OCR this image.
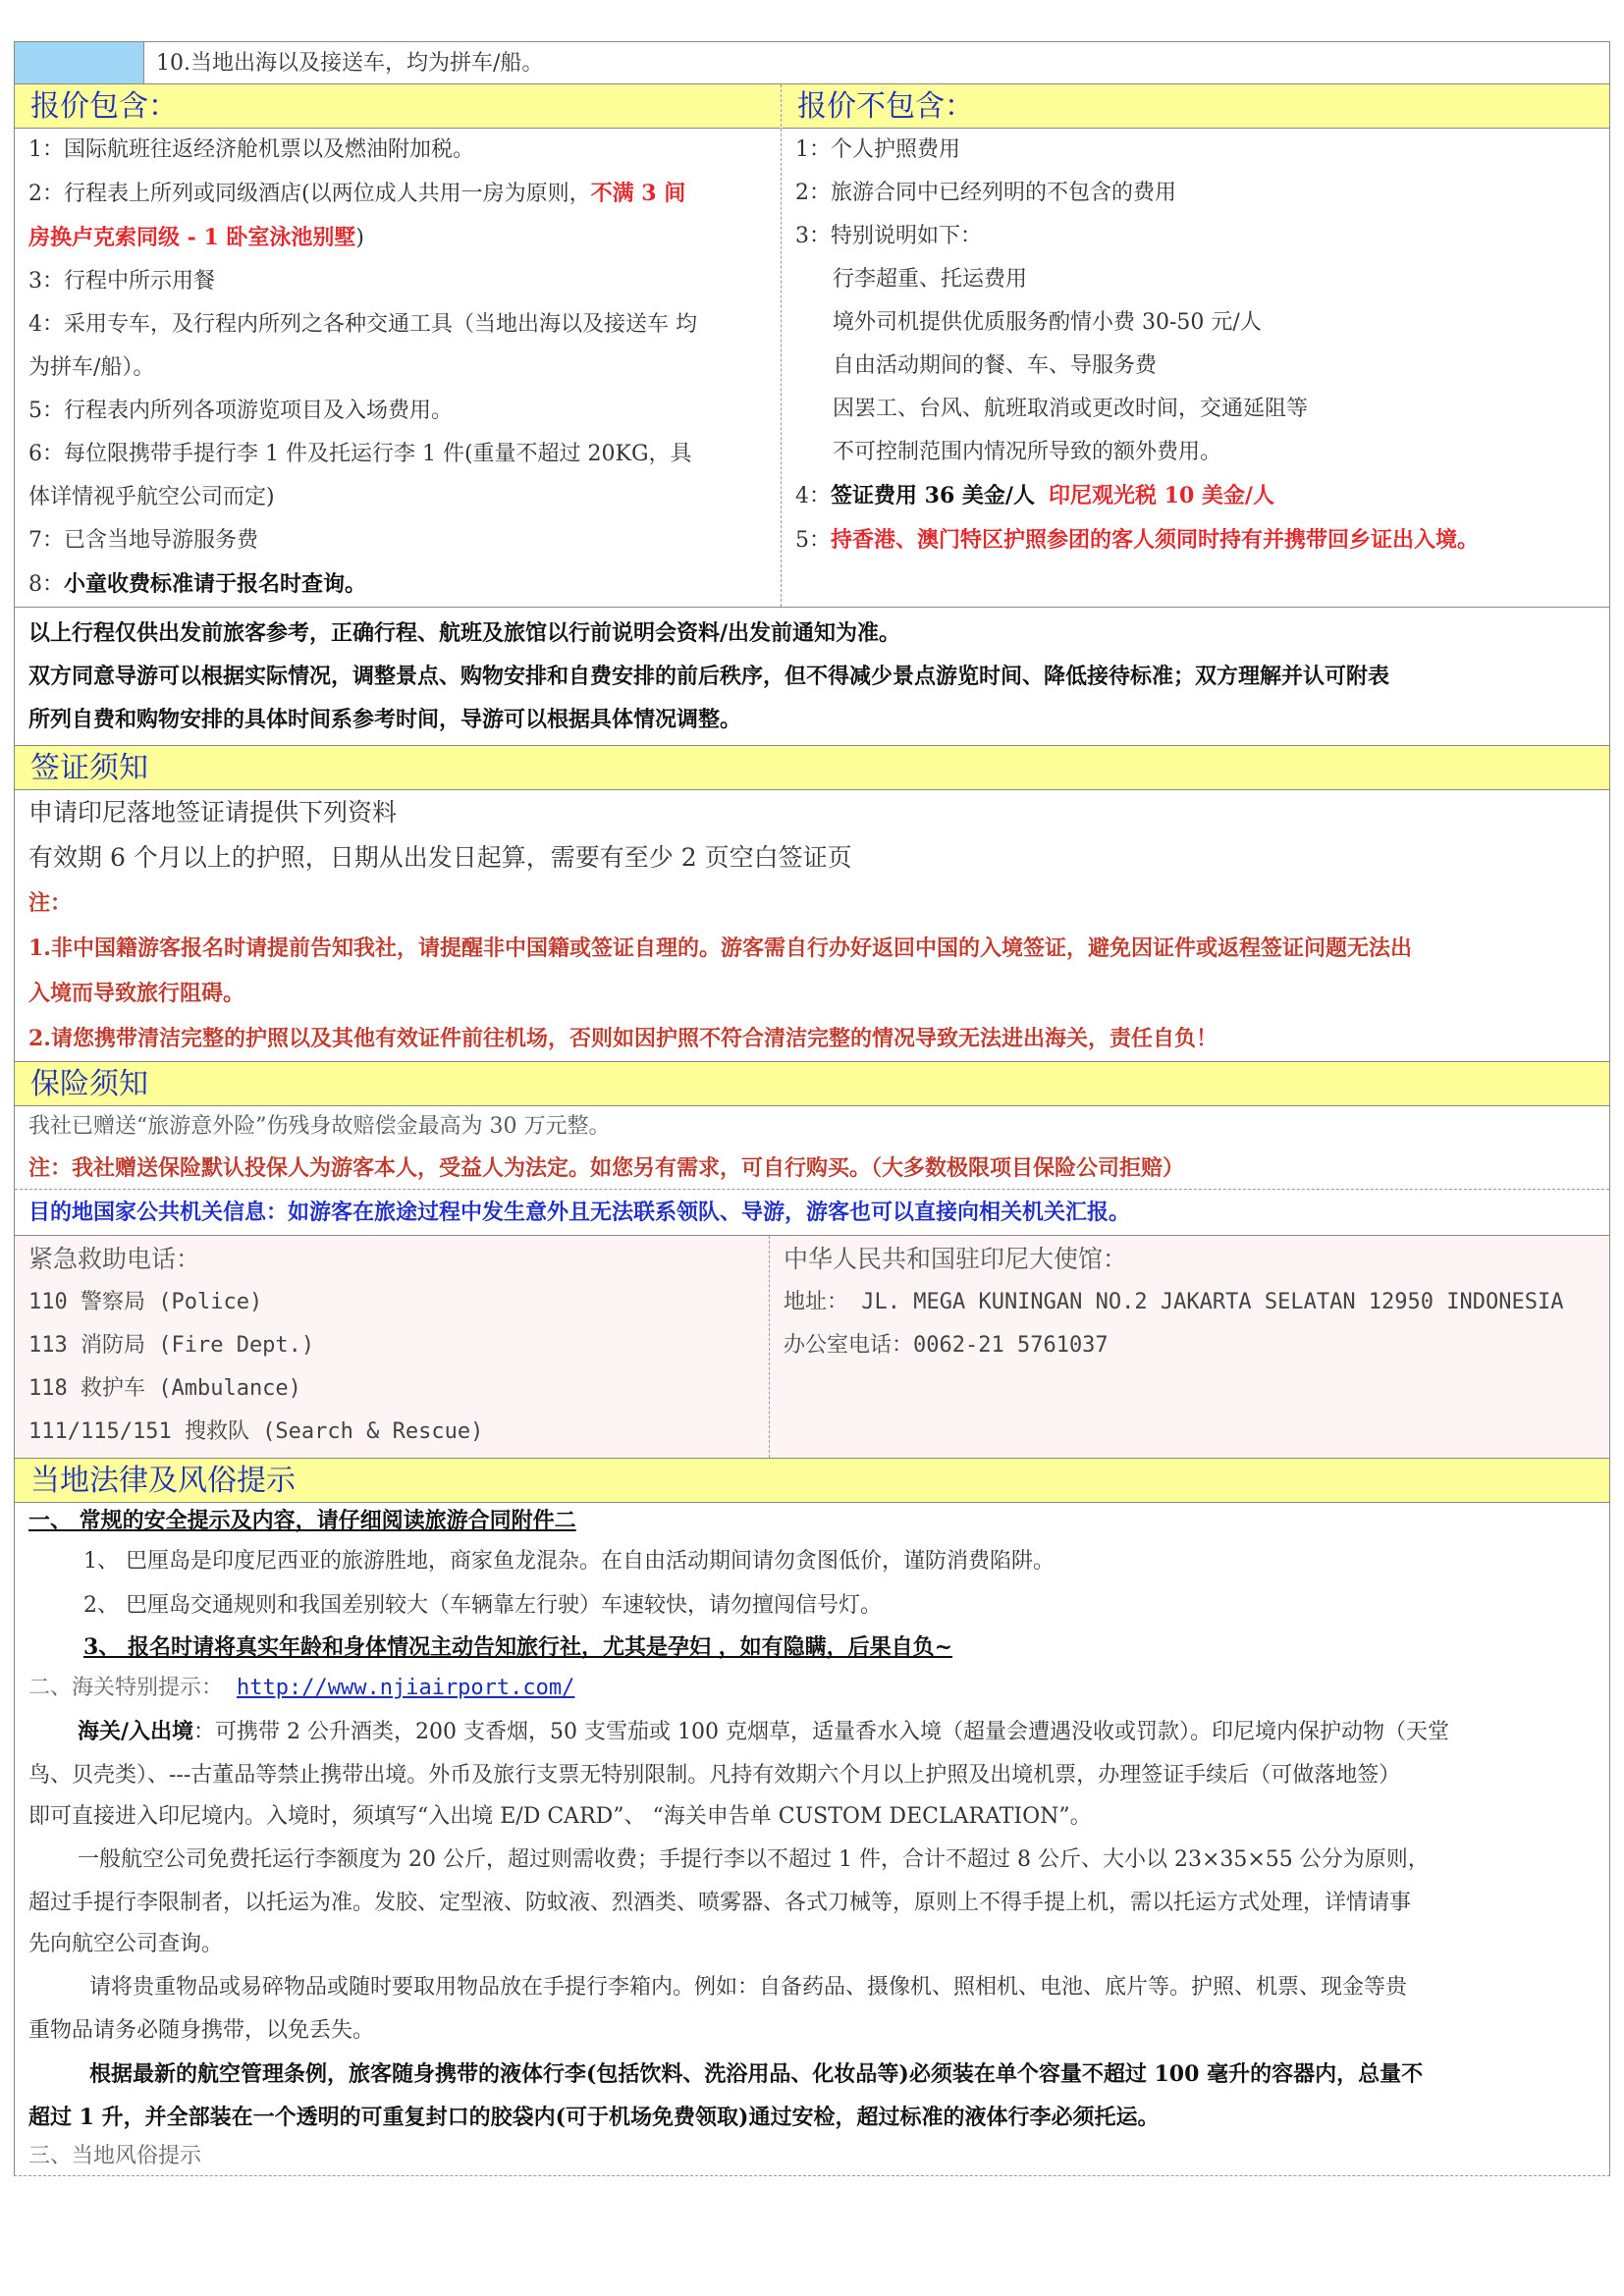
10.当地出海以及接送车，均为拼车/船。
报价包含：
1：国际航班往返经济舱机票以及燃油附加税。
2：行程表上所列或同级酒店(以两位成人共用一房为原则，不满 3 间
房换卢克索同级 - 1 卧室泳池别墅)
3：行程中所示用餐
4：采用专车，及行程内所列之各种交通工具（当地出海以及接送车 均
为拼车/船）。
5：行程表内所列各项游览项目及入场费用。
6：每位限携带手提行李 1 件及托运行李 1 件(重量不超过 20KG，具
体详情视乎航空公司而定)
7：已含当地导游服务费
8：小童收费标准请于报名时查询。
报价不包含：
1：个人护照费用
2：旅游合同中已经列明的不包含的费用
3：特别说明如下：
行李超重、托运费用
境外司机提供优质服务酌情小费 30-50 元/人
自由活动期间的餐、车、导服务费
因罢工、台风、航班取消或更改时间，交通延阻等
不可控制范围内情况所导致的额外费用。
4：签证费用 36 美金/人 印尼观光税 10 美金/人
5：持香港、澳门特区护照参团的客人须同时持有并携带回乡证出入境。
以上行程仅供出发前旅客参考，正确行程、航班及旅馆以行前说明会资料/出发前通知为准。
双方同意导游可以根据实际情况，调整景点、购物安排和自费安排的前后秩序，但不得减少景点游览时间、降低接待标准；双方理解并认可附表
所列自费和购物安排的具体时间系参考时间，导游可以根据具体情况调整。
签证须知
申请印尼落地签证请提供下列资料
有效期 6 个月以上的护照，日期从出发日起算，需要有至少 2 页空白签证页
注：
1.非中国籍游客报名时请提前告知我社，请提醒非中国籍或签证自理的。游客需自行办好返回中国的入境签证，避免因证件或返程签证问题无法出
入境而导致旅行阻碍。
2.请您携带清洁完整的护照以及其他有效证件前往机场，否则如因护照不符合清洁完整的情况导致无法进出海关，责任自负！
保险须知
我社已赠送“旅游意外险”伤残身故赔偿金最高为 30 万元整。
注：我社赠送保险默认投保人为游客本人，受益人为法定。如您另有需求，可自行购买。（大多数极限项目保险公司拒赔）
目的地国家公共机关信息：如游客在旅途过程中发生意外且无法联系领队、导游，游客也可以直接向相关机关汇报。
紧急救助电话：
110 警察局 (Police)
113 消防局 (Fire Dept.)
118 救护车 (Ambulance)
111/115/151 搜救队 (Search & Rescue)
中华人民共和国驻印尼大使馆：
地址： JL. MEGA KUNINGAN NO.2 JAKARTA SELATAN 12950 INDONESIA
办公室电话：0062-21 5761037
当地法律及风俗提示
一、 常规的安全提示及内容，请仔细阅读旅游合同附件二
1、 巴厘岛是印度尼西亚的旅游胜地，商家鱼龙混杂。在自由活动期间请勿贪图低价，谨防消费陷阱。
2、 巴厘岛交通规则和我国差别较大（车辆靠左行驶）车速较快，请勿擅闯信号灯。
3、 报名时请将真实年龄和身体情况主动告知旅行社，尤其是孕妇 ，如有隐瞒，后果自负~
二、海关特别提示： http://www.njiairport.com/
海关/入出境：可携带 2 公升酒类，200 支香烟，50 支雪茄或 100 克烟草，适量香水入境（超量会遭遇没收或罚款）。印尼境内保护动物（天堂
鸟、贝壳类）、---古董品等禁止携带出境。外币及旅行支票无特别限制。凡持有效期六个月以上护照及出境机票，办理签证手续后（可做落地签）
即可直接进入印尼境内。入境时，须填写“入出境 E/D CARD”、 “海关申告单 CUSTOM DECLARATION”。
一般航空公司免费托运行李额度为 20 公斤，超过则需收费；手提行李以不超过 1 件，合计不超过 8 公斤、大小以 23×35×55 公分为原则，
超过手提行李限制者，以托运为准。发胶、定型液、防蚊液、烈酒类、喷雾器、各式刀械等，原则上不得手提上机，需以托运方式处理，详情请事
先向航空公司查询。
请将贵重物品或易碎物品或随时要取用物品放在手提行李箱内。例如：自备药品、摄像机、照相机、电池、底片等。护照、机票、现金等贵
重物品请务必随身携带，以免丢失。
根据最新的航空管理条例，旅客随身携带的液体行李(包括饮料、洗浴用品、化妆品等)必须装在单个容量不超过 100 毫升的容器内，总量不
超过 1 升，并全部装在一个透明的可重复封口的胶袋内(可于机场免费领取)通过安检，超过标准的液体行李必须托运。
三、当地风俗提示
